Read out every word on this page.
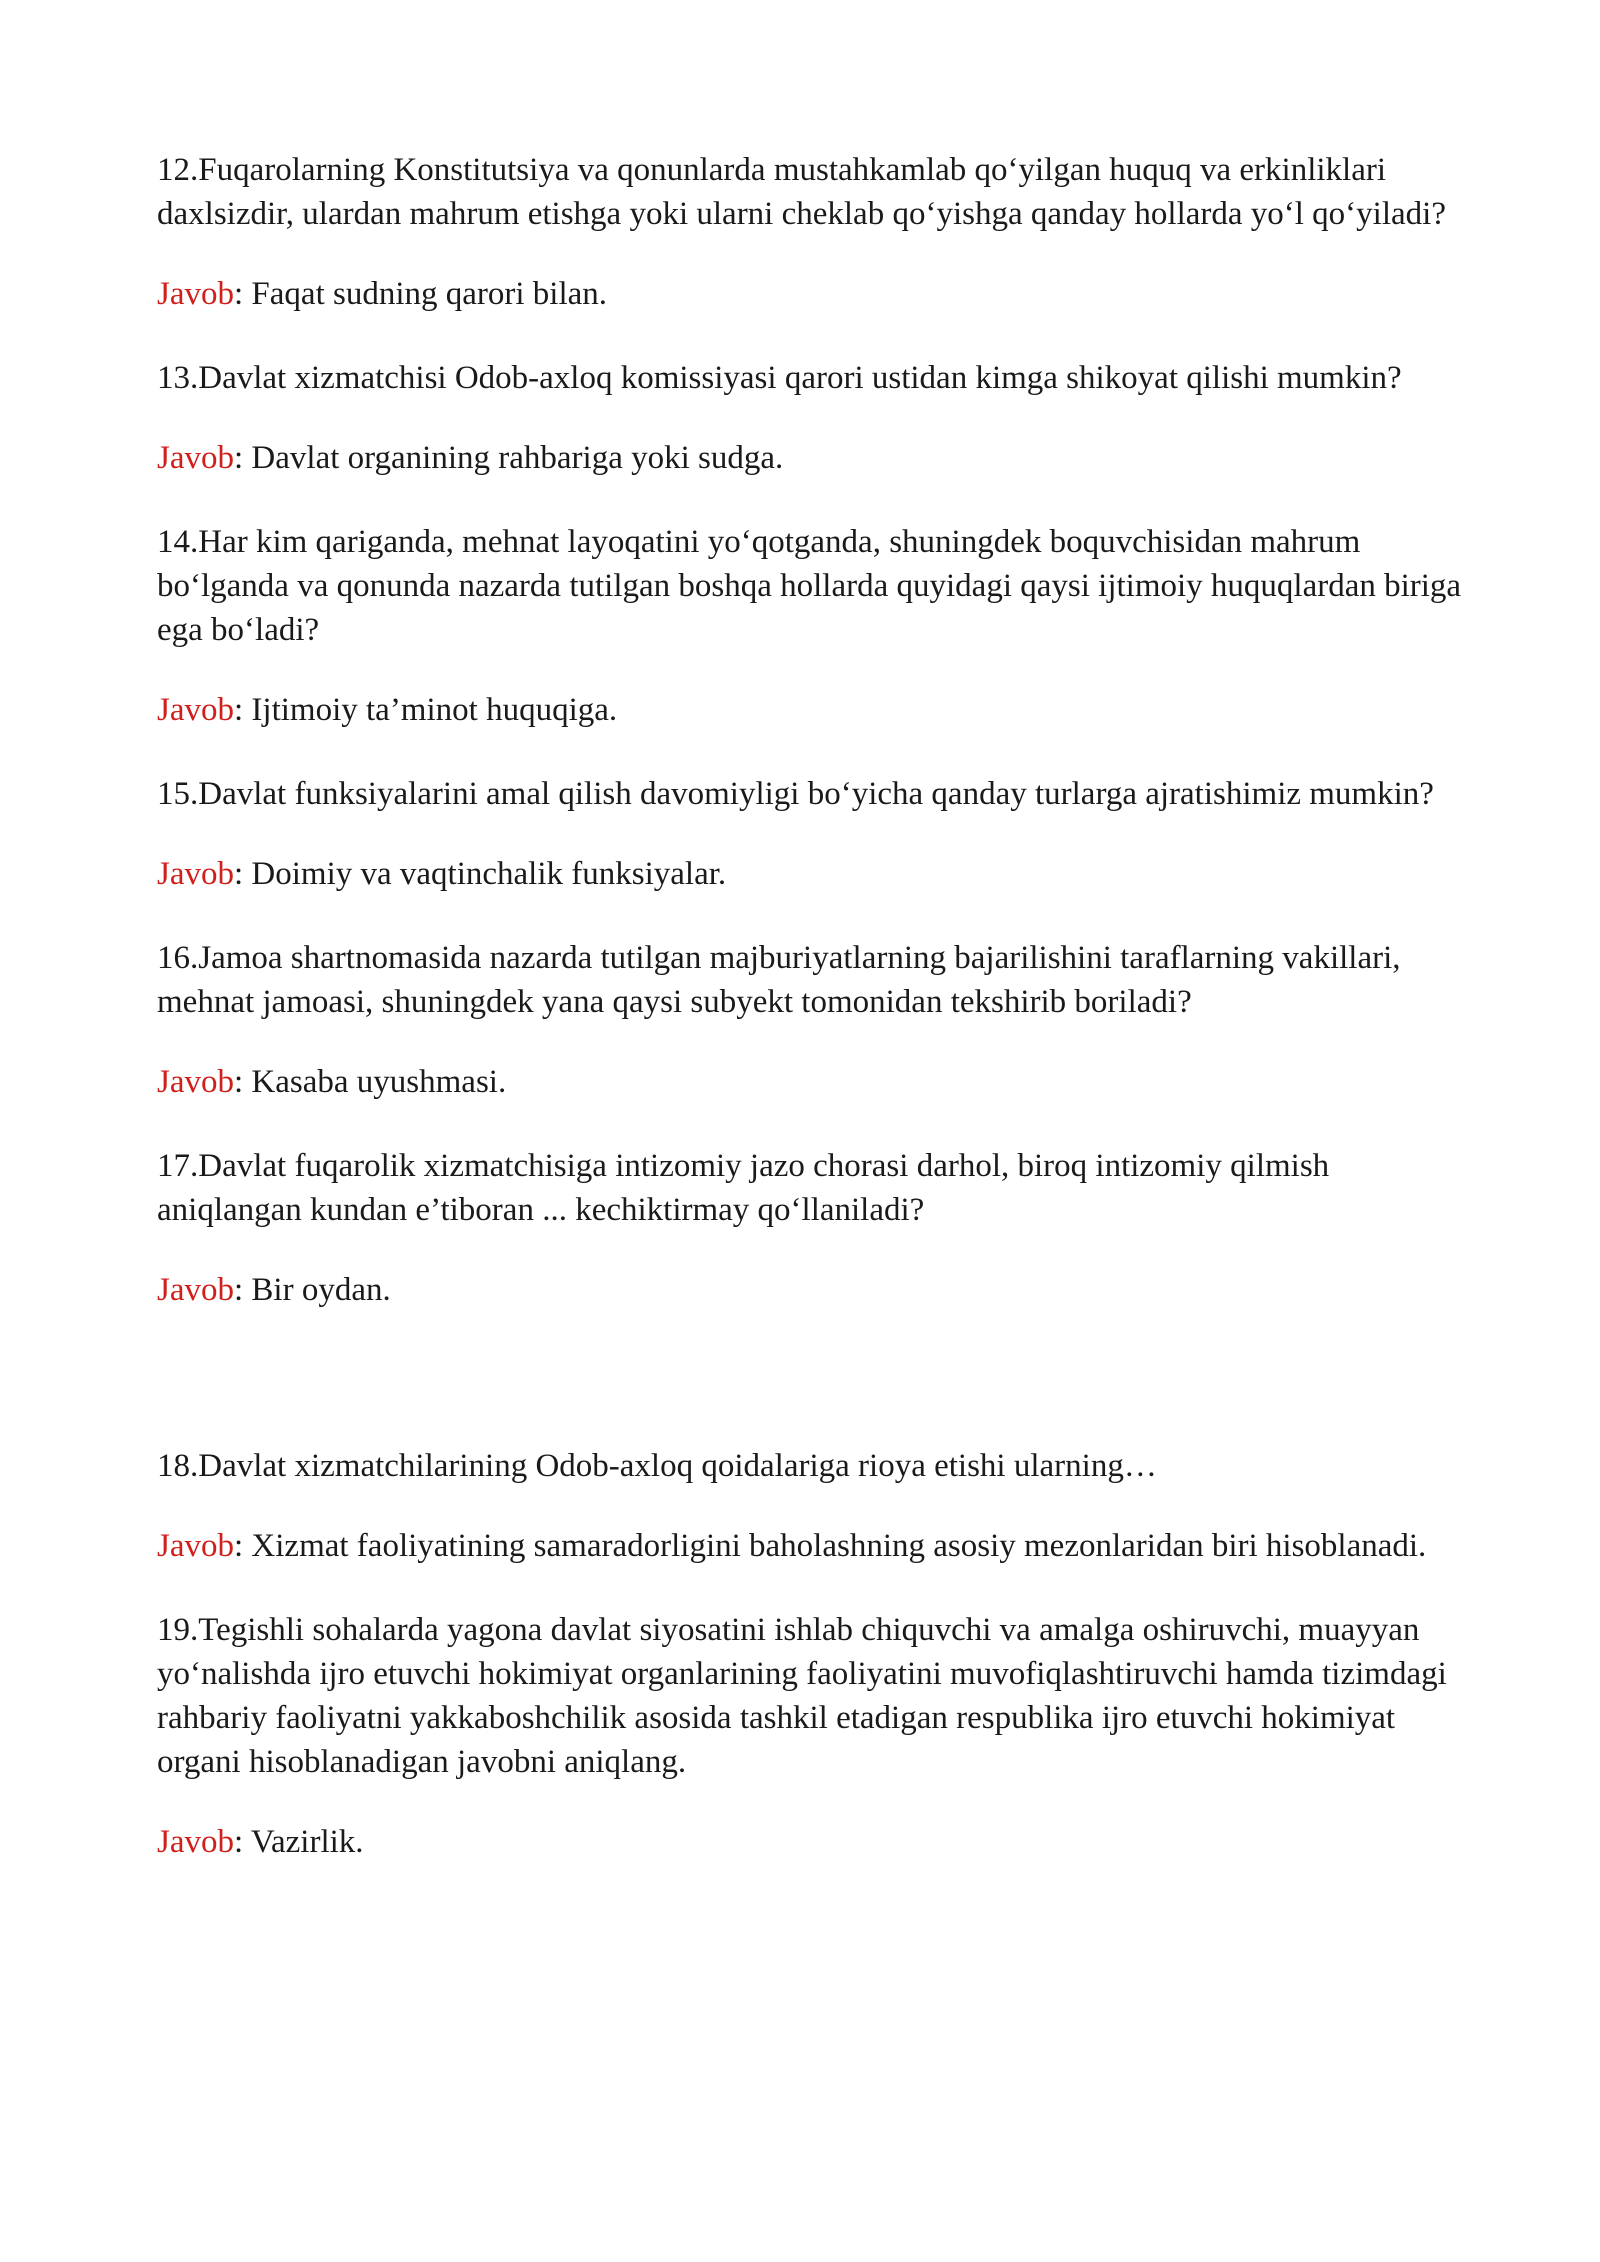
12.Fuqarolarning Konstitutsiya va qonunlarda mustahkamlab qo‘yilgan huquq va erkinliklari daxlsizdir, ulardan mahrum etishga yoki ularni cheklab qo‘yishga qanday hollarda yo‘l qo‘yiladi?

Javob: Faqat sudning qarori bilan.

13.Davlat xizmatchisi Odob-axloq komissiyasi qarori ustidan kimga shikoyat qilishi mumkin?

Javob: Davlat organining rahbariga yoki sudga.

14.Har kim qariganda, mehnat layoqatini yo‘qotganda, shuningdek boquvchisidan mahrum bo‘lganda va qonunda nazarda tutilgan boshqa hollarda quyidagi qaysi ijtimoiy huquqlardan biriga ega bo‘ladi?

Javob: Ijtimoiy ta’minot huquqiga.

15.Davlat funksiyalarini amal qilish davomiyligi bo‘yicha qanday turlarga ajratishimiz mumkin?

Javob: Doimiy va vaqtinchalik funksiyalar.

16.Jamoa shartnomasida nazarda tutilgan majburiyatlarning bajarilishini taraflarning vakillari, mehnat jamoasi, shuningdek yana qaysi subyekt tomonidan tekshirib boriladi?

Javob: Kasaba uyushmasi.

17.Davlat fuqarolik xizmatchisiga intizomiy jazo chorasi darhol, biroq intizomiy qilmish aniqlangan kundan e’tiboran ... kechiktirmay qo‘llaniladi?

Javob: Bir oydan.

18.Davlat xizmatchilarining Odob-axloq qoidalariga rioya etishi ularning…

Javob: Xizmat faoliyatining samaradorligini baholashning asosiy mezonlaridan biri hisoblanadi.

19.Tegishli sohalarda yagona davlat siyosatini ishlab chiquvchi va amalga oshiruvchi, muayyan yo‘nalishda ijro etuvchi hokimiyat organlarining faoliyatini muvofiqlashtiruvchi hamda tizimdagi rahbariy faoliyatni yakkaboshchilik asosida tashkil etadigan respublika ijro etuvchi hokimiyat organi hisoblanadigan javobni aniqlang.

Javob: Vazirlik.
